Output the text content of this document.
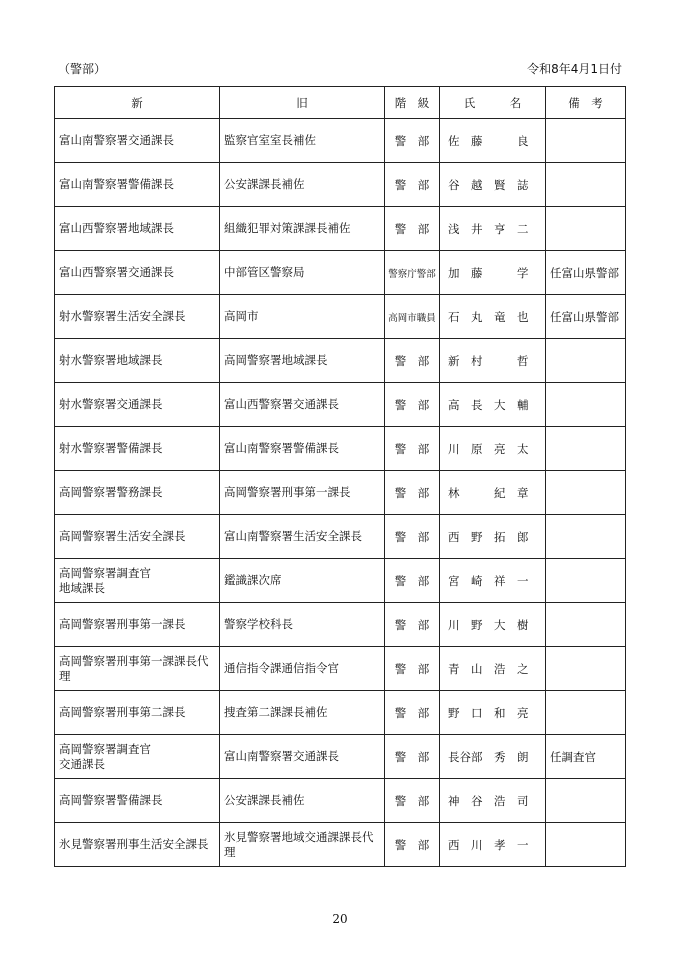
（警部）	令和8年4月1日付
新	旧	階　級	氏　　　名	備　考
富山南警察署交通課長	監察官室室長補佐	警　部	佐　藤　　　良	
富山南警察署警備課長	公安課課長補佐	警　部	谷　越　賢　誌	
富山西警察署地域課長	組織犯罪対策課課長補佐	警　部	浅　井　亨　二	
富山西警察署交通課長	中部管区警察局	警察庁警部	加　藤　　　学	任富山県警部
射水警察署生活安全課長	高岡市	高岡市職員	石　丸　竜　也	任富山県警部
射水警察署地域課長	高岡警察署地域課長	警　部	新　村　　　哲	
射水警察署交通課長	富山西警察署交通課長	警　部	高　長　大　輔	
射水警察署警備課長	富山南警察署警備課長	警　部	川　原　亮　太	
高岡警察署警務課長	高岡警察署刑事第一課長	警　部	林　　　紀　章	
高岡警察署生活安全課長	富山南警察署生活安全課長	警　部	西　野　拓　郎	
高岡警察署調査官
地域課長	鑑識課次席	警　部	宮　崎　祥　一	
高岡警察署刑事第一課長	警察学校科長	警　部	川　野　大　樹	
高岡警察署刑事第一課課長代理	通信指令課通信指令官	警　部	青　山　浩　之	
高岡警察署刑事第二課長	捜査第二課課長補佐	警　部	野　口　和　亮	
高岡警察署調査官
交通課長	富山南警察署交通課長	警　部	長谷部　秀　朗	任調査官
高岡警察署警備課長	公安課課長補佐	警　部	神　谷　浩　司	
氷見警察署刑事生活安全課長	氷見警察署地域交通課課長代理	警　部	西　川　孝　一	
20
